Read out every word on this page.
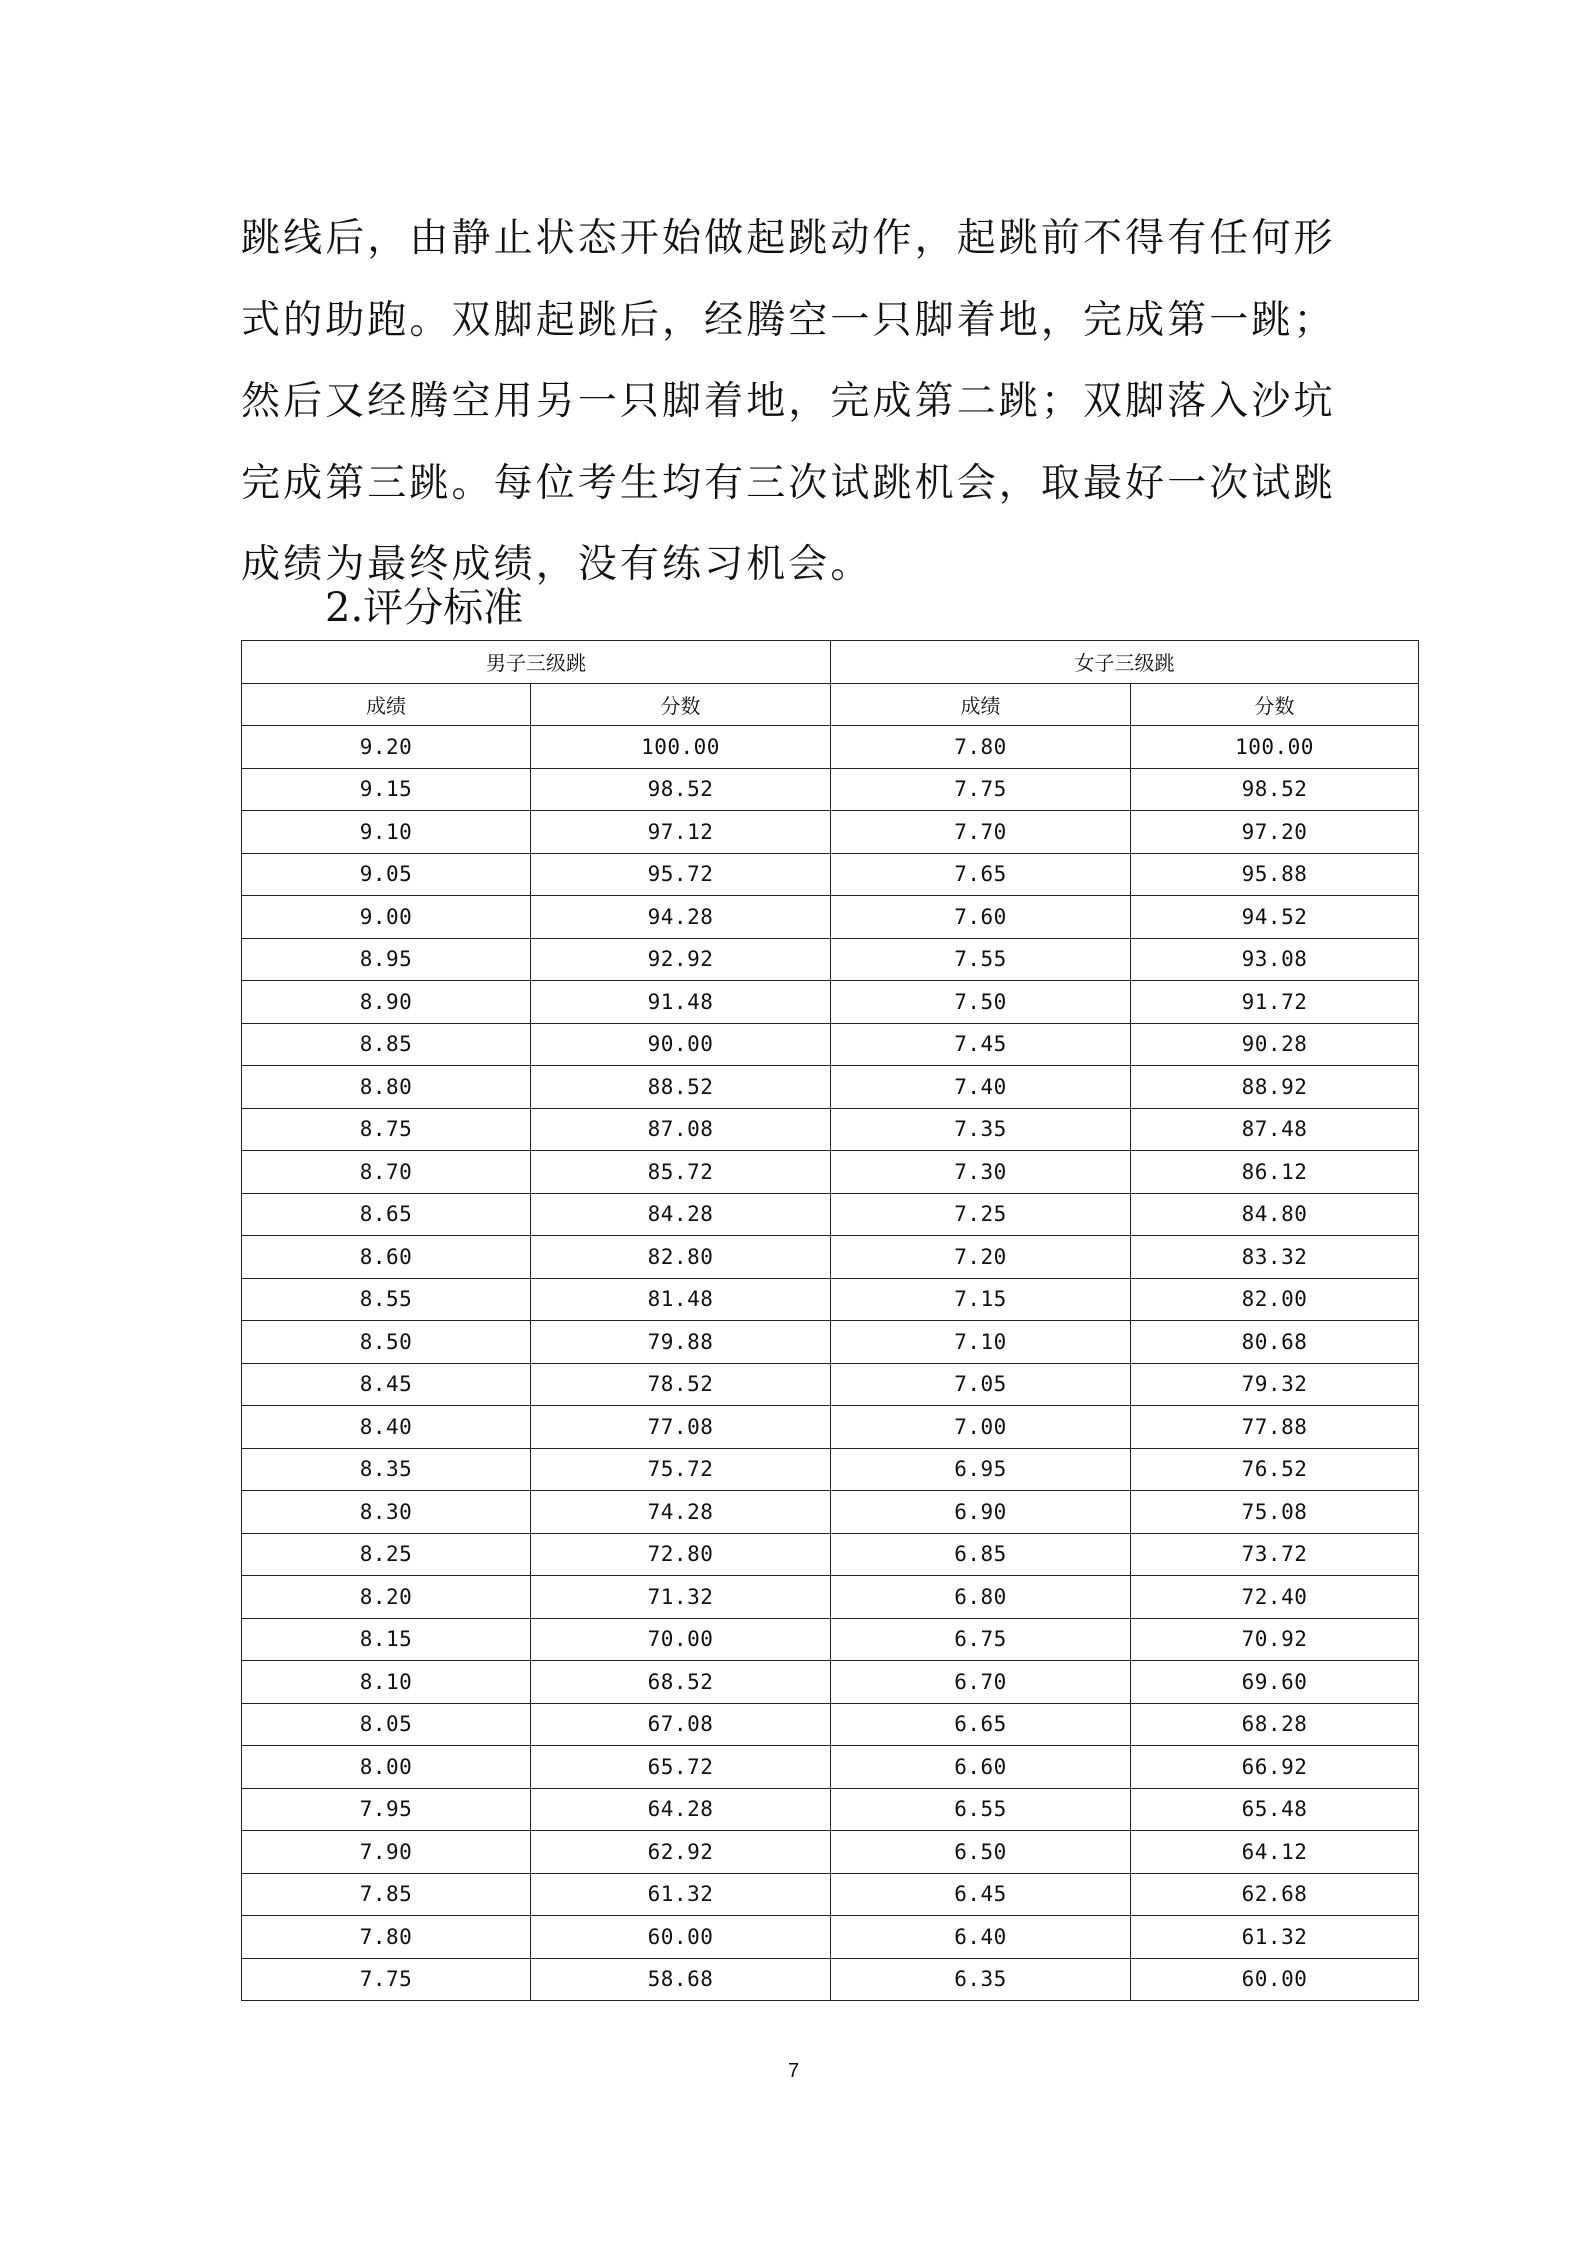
跳线后，由静止状态开始做起跳动作，起跳前不得有任何形
式的助跑。双脚起跳后，经腾空一只脚着地，完成第一跳；
然后又经腾空用另一只脚着地，完成第二跳；双脚落入沙坑
完成第三跳。每位考生均有三次试跳机会，取最好一次试跳
成绩为最终成绩，没有练习机会。

2.评分标准
男子三级跳		女子三级跳	
成绩	分数	成绩	分数
9.20	100.00	7.80	100.00
9.15	98.52	7.75	98.52
9.10	97.12	7.70	97.20
9.05	95.72	7.65	95.88
9.00	94.28	7.60	94.52
8.95	92.92	7.55	93.08
8.90	91.48	7.50	91.72
8.85	90.00	7.45	90.28
8.80	88.52	7.40	88.92
8.75	87.08	7.35	87.48
8.70	85.72	7.30	86.12
8.65	84.28	7.25	84.80
8.60	82.80	7.20	83.32
8.55	81.48	7.15	82.00
8.50	79.88	7.10	80.68
8.45	78.52	7.05	79.32
8.40	77.08	7.00	77.88
8.35	75.72	6.95	76.52
8.30	74.28	6.90	75.08
8.25	72.80	6.85	73.72
8.20	71.32	6.80	72.40
8.15	70.00	6.75	70.92
8.10	68.52	6.70	69.60
8.05	67.08	6.65	68.28
8.00	65.72	6.60	66.92
7.95	64.28	6.55	65.48
7.90	62.92	6.50	64.12
7.85	61.32	6.45	62.68
7.80	60.00	6.40	61.32
7.75	58.68	6.35	60.00
7
